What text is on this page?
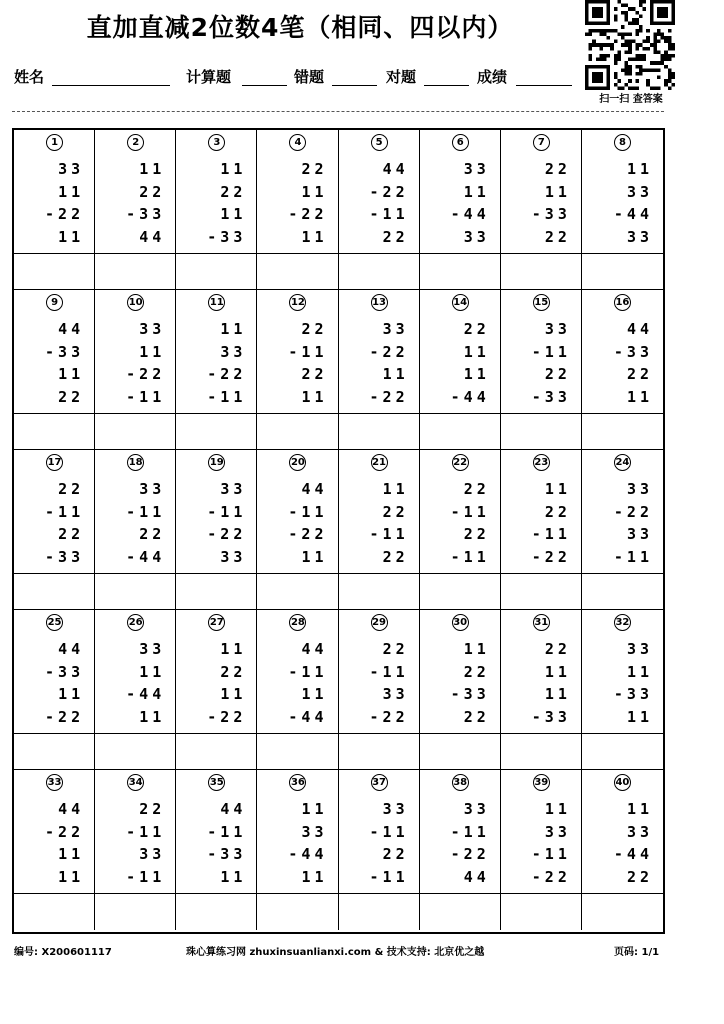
直加直减2位数4笔（相同、四以内）
扫一扫 查答案
姓名	计算题	错题	对题	成绩
1
33
11
-22
11
2
11
22
-33
44
3
11
22
11
-33
4
22
11
-22
11
5
44
-22
-11
22
6
33
11
-44
33
7
22
11
-33
22
8
11
33
-44
33
9
44
-33
11
22
10
33
11
-22
-11
11
11
33
-22
-11
12
22
-11
22
11
13
33
-22
11
-22
14
22
11
11
-44
15
33
-11
22
-33
16
44
-33
22
11
17
22
-11
22
-33
18
33
-11
22
-44
19
33
-11
-22
33
20
44
-11
-22
11
21
11
22
-11
22
22
22
-11
22
-11
23
11
22
-11
-22
24
33
-22
33
-11
25
44
-33
11
-22
26
33
11
-44
11
27
11
22
11
-22
28
44
-11
11
-44
29
22
-11
33
-22
30
11
22
-33
22
31
22
11
11
-33
32
33
11
-33
11
33
44
-22
11
11
34
22
-11
33
-11
35
44
-11
-33
11
36
11
33
-44
11
37
33
-11
22
-11
38
33
-11
-22
44
39
11
33
-11
-22
40
11
33
-44
22
编号: X200601117	珠心算练习网 zhuxinsuanlianxi.com & 技术支持: 北京优之越	页码: 1/1
